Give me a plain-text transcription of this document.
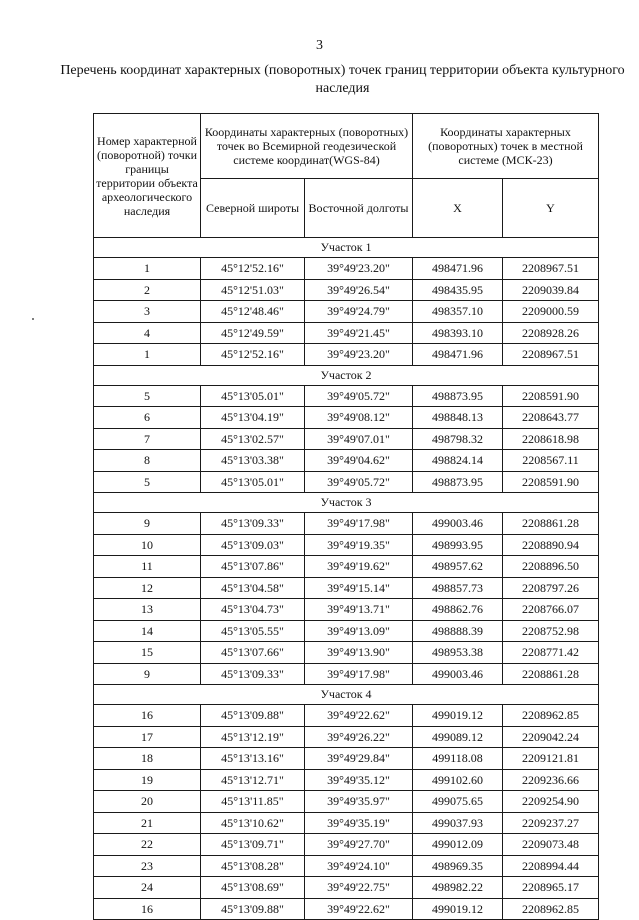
3
Перечень координат характерных (поворотных) точек границ территории объекта культурного наследия
Номер характерной (поворотной) точки границы территории объекта археологического наследия	Координаты характерных (поворотных) точек во Всемирной геодезической системе координат(WGS-84)		Координаты характерных (поворотных) точек в местной системе (МСК-23)	
	Северной широты	Восточной долготы	X	Y
Участок 1				
1	45°12'52.16"	39°49'23.20"	498471.96	2208967.51
2	45°12'51.03"	39°49'26.54"	498435.95	2209039.84
3	45°12'48.46"	39°49'24.79"	498357.10	2209000.59
4	45°12'49.59"	39°49'21.45"	498393.10	2208928.26
1	45°12'52.16"	39°49'23.20"	498471.96	2208967.51
Участок 2				
5	45°13'05.01"	39°49'05.72"	498873.95	2208591.90
6	45°13'04.19"	39°49'08.12"	498848.13	2208643.77
7	45°13'02.57"	39°49'07.01"	498798.32	2208618.98
8	45°13'03.38"	39°49'04.62"	498824.14	2208567.11
5	45°13'05.01"	39°49'05.72"	498873.95	2208591.90
Участок 3				
9	45°13'09.33"	39°49'17.98"	499003.46	2208861.28
10	45°13'09.03"	39°49'19.35"	498993.95	2208890.94
11	45°13'07.86"	39°49'19.62"	498957.62	2208896.50
12	45°13'04.58"	39°49'15.14"	498857.73	2208797.26
13	45°13'04.73"	39°49'13.71"	498862.76	2208766.07
14	45°13'05.55"	39°49'13.09"	498888.39	2208752.98
15	45°13'07.66"	39°49'13.90"	498953.38	2208771.42
9	45°13'09.33"	39°49'17.98"	499003.46	2208861.28
Участок 4				
16	45°13'09.88"	39°49'22.62"	499019.12	2208962.85
17	45°13'12.19"	39°49'26.22"	499089.12	2209042.24
18	45°13'13.16"	39°49'29.84"	499118.08	2209121.81
19	45°13'12.71"	39°49'35.12"	499102.60	2209236.66
20	45°13'11.85"	39°49'35.97"	499075.65	2209254.90
21	45°13'10.62"	39°49'35.19"	499037.93	2209237.27
22	45°13'09.71"	39°49'27.70"	499012.09	2209073.48
23	45°13'08.28"	39°49'24.10"	498969.35	2208994.44
24	45°13'08.69"	39°49'22.75"	498982.22	2208965.17
16	45°13'09.88"	39°49'22.62"	499019.12	2208962.85
